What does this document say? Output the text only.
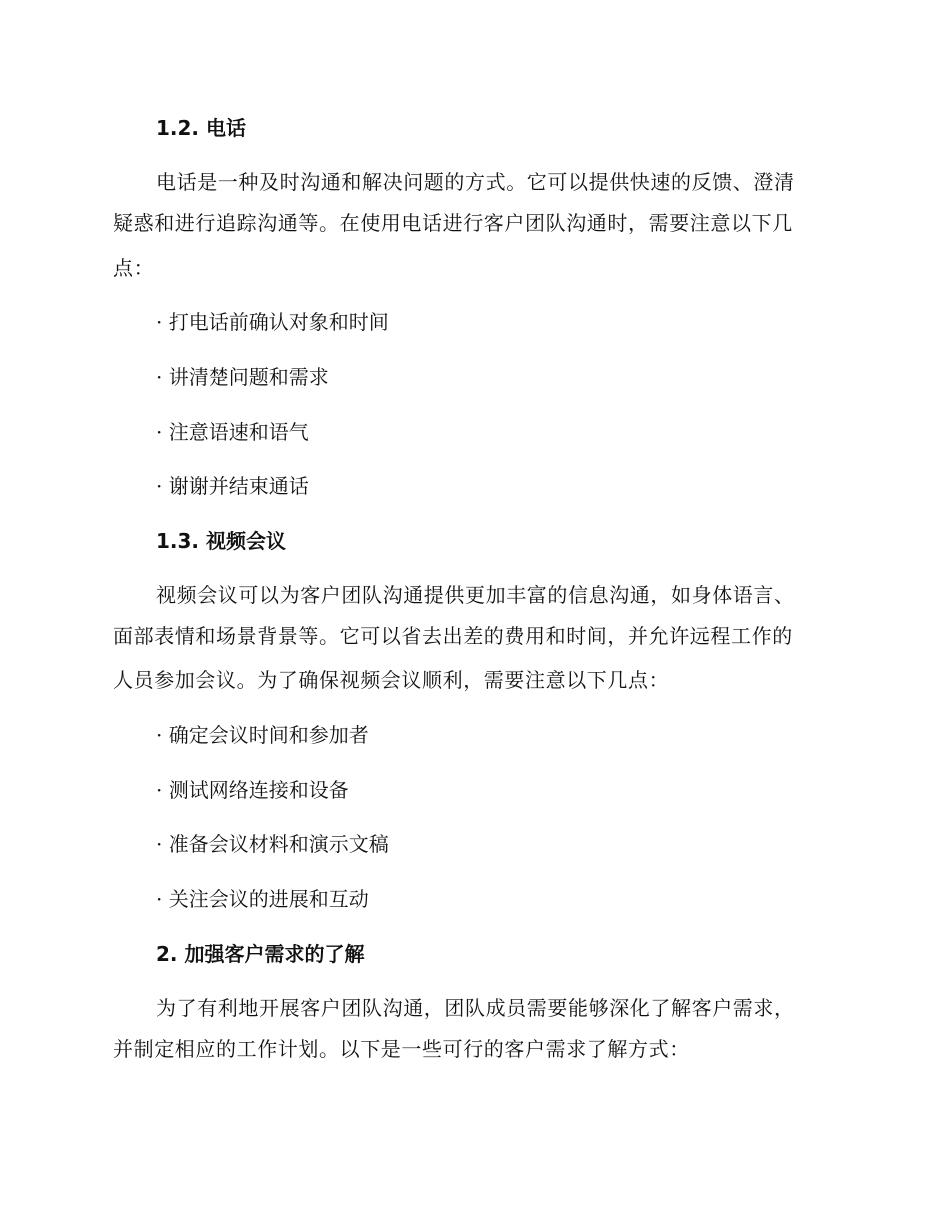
1.2. 电话
电话是一种及时沟通和解决问题的方式。它可以提供快速的反馈、澄清
疑惑和进行追踪沟通等。在使用电话进行客户团队沟通时，需要注意以下几
点：
· 打电话前确认对象和时间
· 讲清楚问题和需求
· 注意语速和语气
· 谢谢并结束通话
1.3. 视频会议
视频会议可以为客户团队沟通提供更加丰富的信息沟通，如身体语言、
面部表情和场景背景等。它可以省去出差的费用和时间，并允许远程工作的
人员参加会议。为了确保视频会议顺利，需要注意以下几点：
· 确定会议时间和参加者
· 测试网络连接和设备
· 准备会议材料和演示文稿
· 关注会议的进展和互动
2. 加强客户需求的了解
为了有利地开展客户团队沟通，团队成员需要能够深化了解客户需求，
并制定相应的工作计划。以下是一些可行的客户需求了解方式：
